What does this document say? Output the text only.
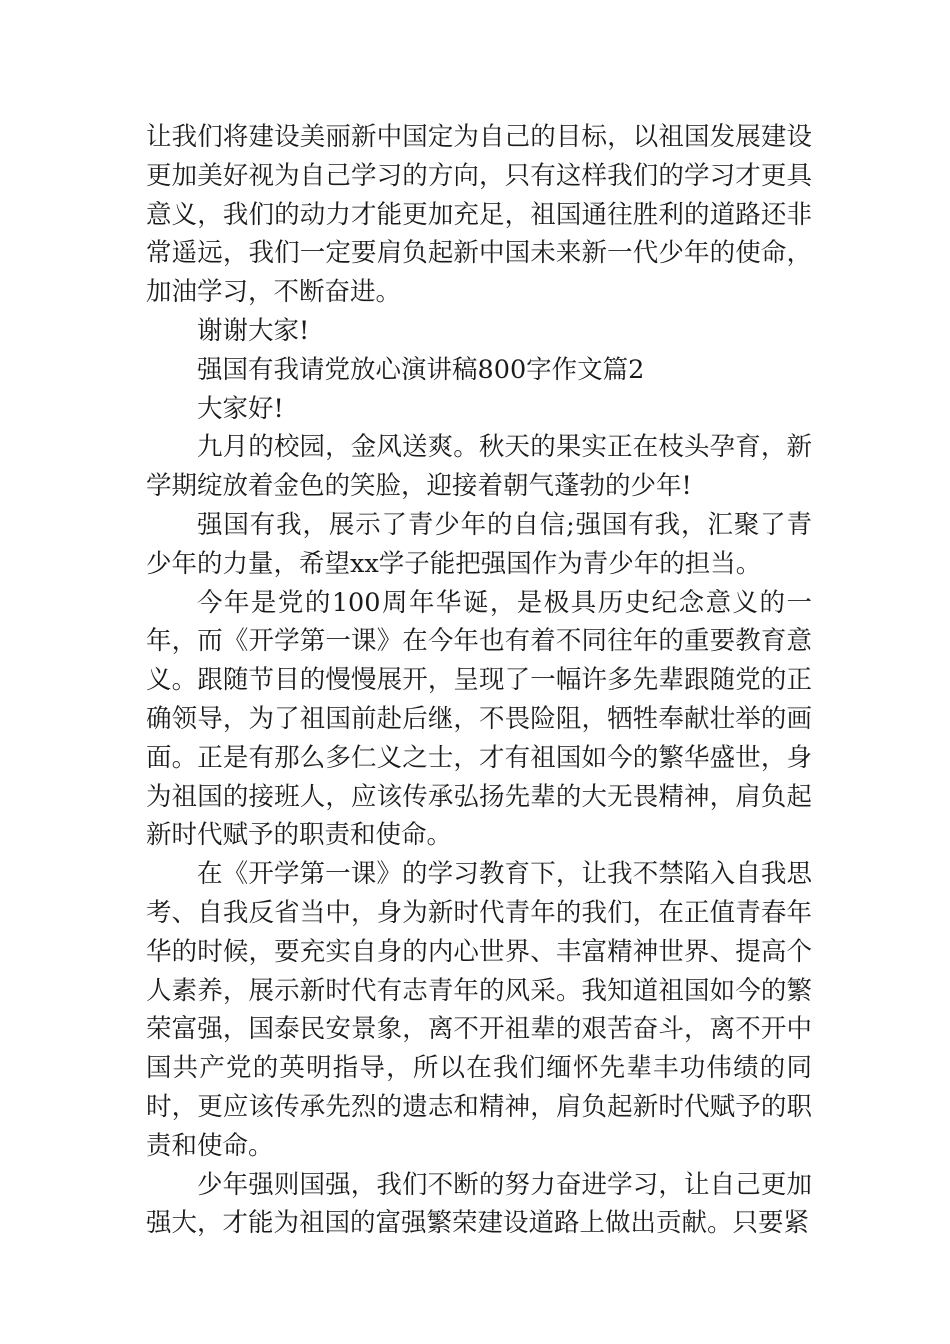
让我们将建设美丽新中国定为自己的目标，以祖国发展建设更加美好视为自己学习的方向，只有这样我们的学习才更具意义，我们的动力才能更加充足，祖国通往胜利的道路还非常遥远，我们一定要肩负起新中国未来新一代少年的使命，加油学习，不断奋进。

谢谢大家!

强国有我请党放心演讲稿800字作文篇2

大家好!

九月的校园，金风送爽。秋天的果实正在枝头孕育，新学期绽放着金色的笑脸，迎接着朝气蓬勃的少年!

强国有我，展示了青少年的自信;强国有我，汇聚了青少年的力量，希望xx学子能把强国作为青少年的担当。

今年是党的100周年华诞，是极具历史纪念意义的一年，而《开学第一课》在今年也有着不同往年的重要教育意义。跟随节目的慢慢展开，呈现了一幅许多先辈跟随党的正确领导，为了祖国前赴后继，不畏险阻，牺牲奉献壮举的画面。正是有那么多仁义之士，才有祖国如今的繁华盛世，身为祖国的接班人，应该传承弘扬先辈的大无畏精神，肩负起新时代赋予的职责和使命。

在《开学第一课》的学习教育下，让我不禁陷入自我思考、自我反省当中，身为新时代青年的我们，在正值青春年华的时候，要充实自身的内心世界、丰富精神世界、提高个人素养，展示新时代有志青年的风采。我知道祖国如今的繁荣富强，国泰民安景象，离不开祖辈的艰苦奋斗，离不开中国共产党的英明指导，所以在我们缅怀先辈丰功伟绩的同时，更应该传承先烈的遗志和精神，肩负起新时代赋予的职责和使命。

少年强则国强，我们不断的努力奋进学习，让自己更加强大，才能为祖国的富强繁荣建设道路上做出贡献。只要紧
